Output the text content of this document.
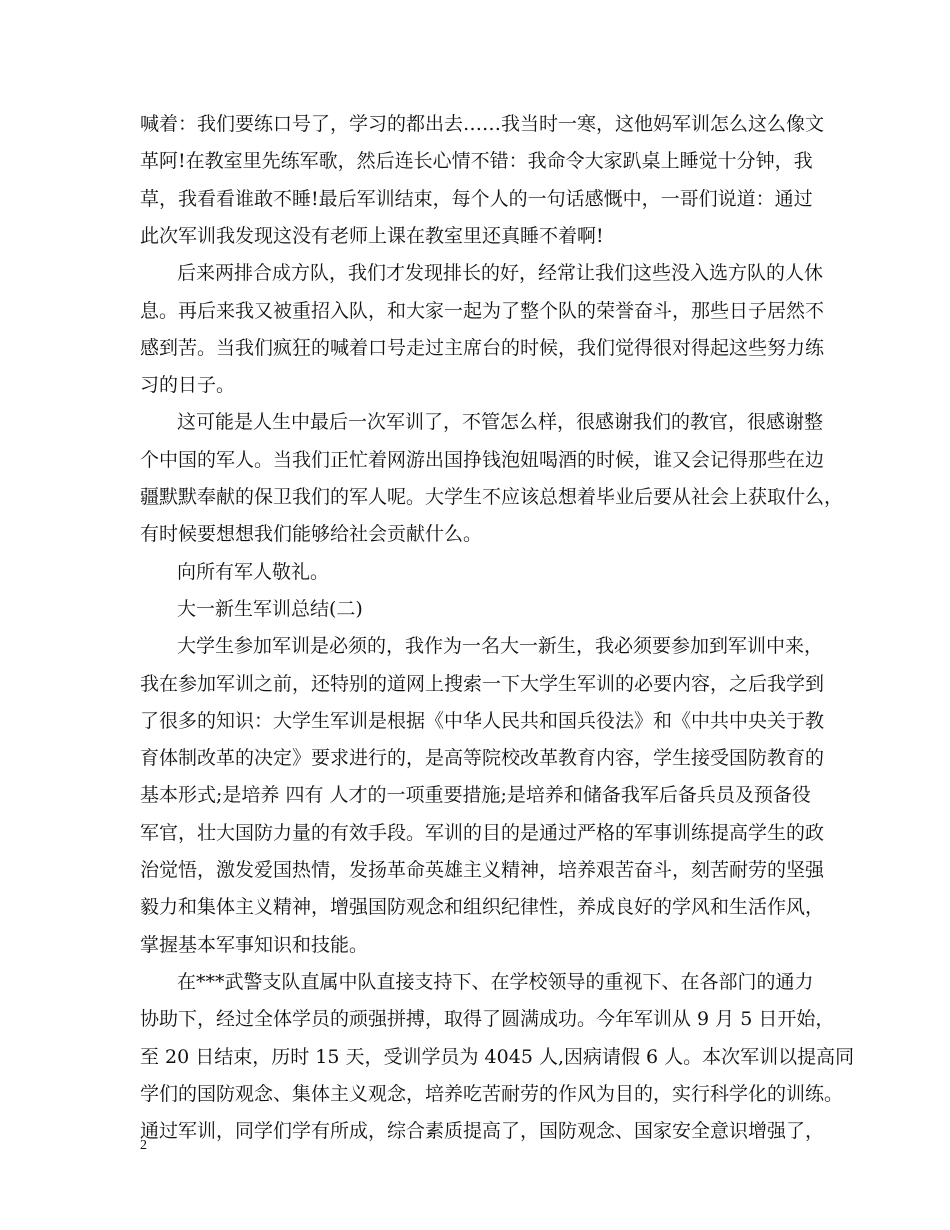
喊着：我们要练口号了，学习的都出去……我当时一寒，这他妈军训怎么这么像文
革阿!在教室里先练军歌，然后连长心情不错：我命令大家趴桌上睡觉十分钟，我
草，我看看谁敢不睡!最后军训结束，每个人的一句话感慨中，一哥们说道：通过
此次军训我发现这没有老师上课在教室里还真睡不着啊!
后来两排合成方队，我们才发现排长的好，经常让我们这些没入选方队的人休
息。再后来我又被重招入队，和大家一起为了整个队的荣誉奋斗，那些日子居然不
感到苦。当我们疯狂的喊着口号走过主席台的时候，我们觉得很对得起这些努力练
习的日子。
这可能是人生中最后一次军训了，不管怎么样，很感谢我们的教官，很感谢整
个中国的军人。当我们正忙着网游出国挣钱泡妞喝酒的时候，谁又会记得那些在边
疆默默奉献的保卫我们的军人呢。大学生不应该总想着毕业后要从社会上获取什么，
有时候要想想我们能够给社会贡献什么。
向所有军人敬礼。
大一新生军训总结(二)
大学生参加军训是必须的，我作为一名大一新生，我必须要参加到军训中来，
我在参加军训之前，还特别的道网上搜索一下大学生军训的必要内容，之后我学到
了很多的知识：大学生军训是根据《中华人民共和国兵役法》和《中共中央关于教
育体制改革的决定》要求进行的，是高等院校改革教育内容，学生接受国防教育的
基本形式;是培养 四有 人才的一项重要措施;是培养和储备我军后备兵员及预备役
军官，壮大国防力量的有效手段。军训的目的是通过严格的军事训练提高学生的政
治觉悟，激发爱国热情，发扬革命英雄主义精神，培养艰苦奋斗，刻苦耐劳的坚强
毅力和集体主义精神，增强国防观念和组织纪律性，养成良好的学风和生活作风，
掌握基本军事知识和技能。
在***武警支队直属中队直接支持下、在学校领导的重视下、在各部门的通力
协助下，经过全体学员的顽强拼搏，取得了圆满成功。今年军训从 9 月 5 日开始，
至 20 日结束，历时 15 天，受训学员为 4045 人,因病请假 6 人。本次军训以提高同
学们的国防观念、集体主义观念，培养吃苦耐劳的作风为目的，实行科学化的训练。
通过军训，同学们学有所成，综合素质提高了，国防观念、国家安全意识增强了，
2
